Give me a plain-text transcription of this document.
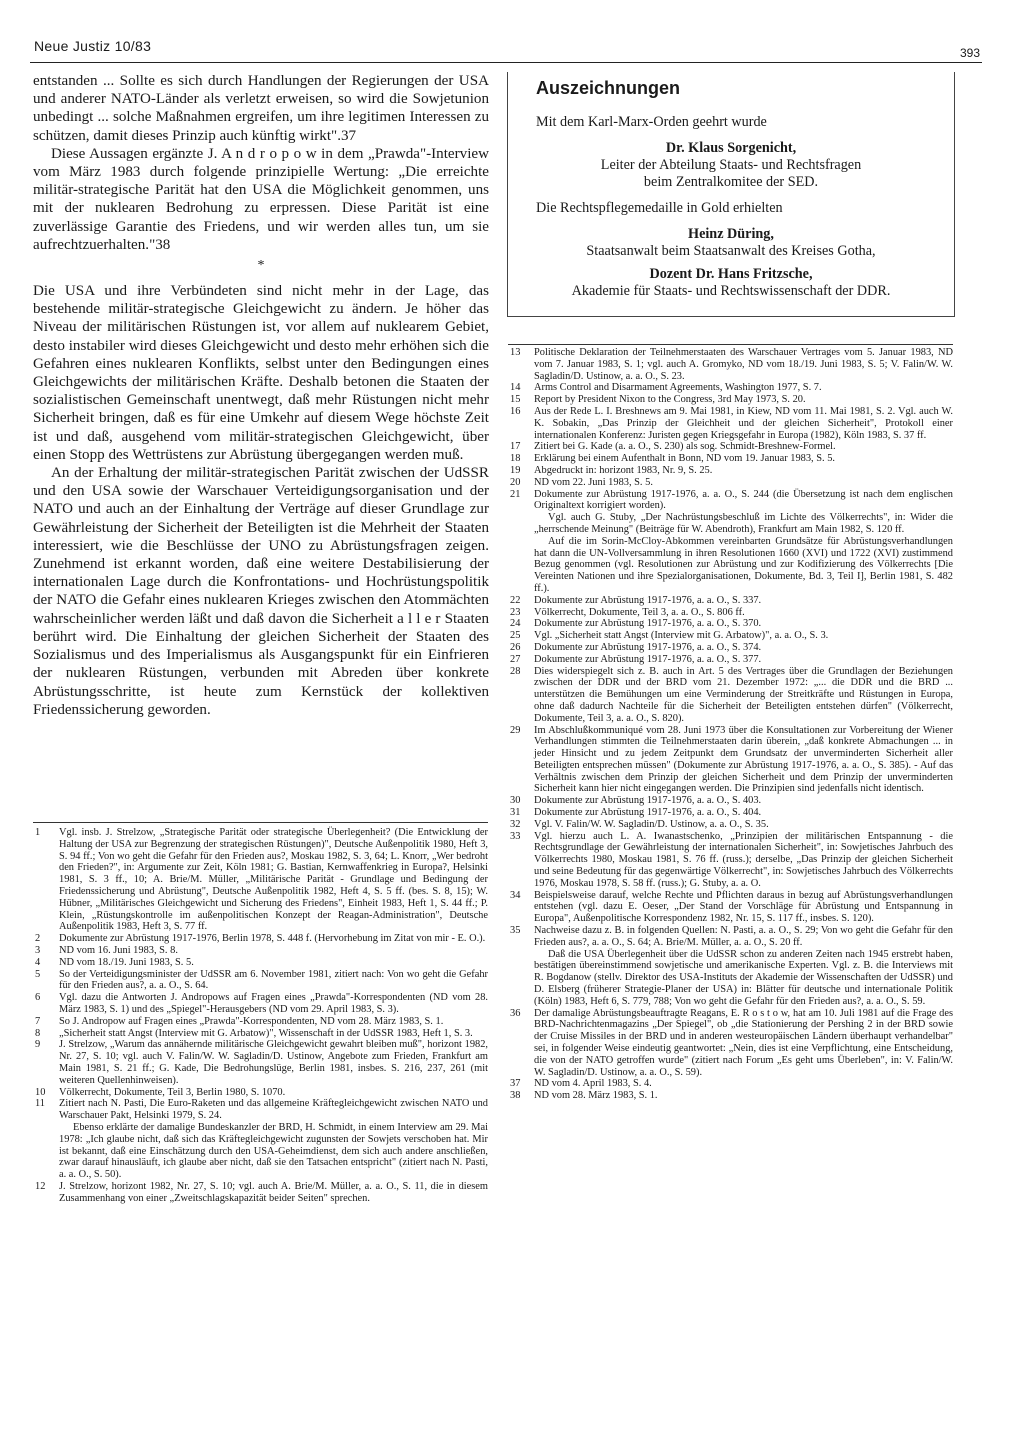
Neue Justiz 10/83	393

entstanden ... Sollte es sich durch Handlungen der Regierungen der USA und anderer NATO-Länder als verletzt erweisen, so wird die Sowjetunion unbedingt ... solche Maßnahmen ergreifen, um ihre legitimen Interessen zu schützen, damit dieses Prinzip auch künftig wirkt".37

Diese Aussagen ergänzte J. A n d r o p o w in dem „Prawda"-Interview vom März 1983 durch folgende prinzipielle Wertung: „Die erreichte militär-strategische Parität hat den USA die Möglichkeit genommen, uns mit der nuklearen Bedrohung zu erpressen. Diese Parität ist eine zuverlässige Garantie des Friedens, und wir werden alles tun, um sie aufrechtzuerhalten."38

*

Die USA und ihre Verbündeten sind nicht mehr in der Lage, das bestehende militär-strategische Gleichgewicht zu ändern. Je höher das Niveau der militärischen Rüstungen ist, vor allem auf nuklearem Gebiet, desto instabiler wird dieses Gleichgewicht und desto mehr erhöhen sich die Gefahren eines nuklearen Konflikts, selbst unter den Bedingungen eines Gleichgewichts der militärischen Kräfte. Deshalb betonen die Staaten der sozialistischen Gemeinschaft unentwegt, daß mehr Rüstungen nicht mehr Sicherheit bringen, daß es für eine Umkehr auf diesem Wege höchste Zeit ist und daß, ausgehend vom militär-strategischen Gleichgewicht, über einen Stopp des Wettrüstens zur Abrüstung übergegangen werden muß.

An der Erhaltung der militär-strategischen Parität zwischen der UdSSR und den USA sowie der Warschauer Verteidigungsorganisation und der NATO und auch an der Einhaltung der Verträge auf dieser Grundlage zur Gewährleistung der Sicherheit der Beteiligten ist die Mehrheit der Staaten interessiert, wie die Beschlüsse der UNO zu Abrüstungsfragen zeigen. Zunehmend ist erkannt worden, daß eine weitere Destabilisierung der internationalen Lage durch die Konfrontations- und Hochrüstungspolitik der NATO die Gefahr eines nuklearen Krieges zwischen den Atommächten wahrscheinlicher werden läßt und daß davon die Sicherheit a l l e r Staaten berührt wird. Die Einhaltung der gleichen Sicherheit der Staaten des Sozialismus und des Imperialismus als Ausgangspunkt für ein Einfrieren der nuklearen Rüstungen, verbunden mit Abreden über konkrete Abrüstungsschritte, ist heute zum Kernstück der kollektiven Friedenssicherung geworden.

1	Vgl. insb. J. Strelzow, „Strategische Parität oder strategische Überlegenheit? (Die Entwicklung der Haltung der USA zur Begrenzung der strategischen Rüstungen)", Deutsche Außenpolitik 1980, Heft 3, S. 94 ff.; Von wo geht die Gefahr für den Frieden aus?, Moskau 1982, S. 3, 64; L. Knorr, „Wer bedroht den Frieden?", in: Argumente zur Zeit, Köln 1981; G. Bastian, Kernwaffenkrieg in Europa?, Helsinki 1981, S. 3 ff., 10; A. Brie/M. Müller, „Militärische Parität - Grundlage und Bedingung der Friedenssicherung und Abrüstung", Deutsche Außenpolitik 1982, Heft 4, S. 5 ff. (bes. S. 8, 15); W. Hübner, „Militärisches Gleichgewicht und Sicherung des Friedens", Einheit 1983, Heft 1, S. 44 ff.; P. Klein, „Rüstungskontrolle im außenpolitischen Konzept der Reagan-Administration", Deutsche Außenpolitik 1983, Heft 3, S. 77 ff.
2	Dokumente zur Abrüstung 1917-1976, Berlin 1978, S. 448 f. (Hervorhebung im Zitat von mir - E. O.).
3	ND vom 16. Juni 1983, S. 8.
4	ND vom 18./19. Juni 1983, S. 5.
5	So der Verteidigungsminister der UdSSR am 6. November 1981, zitiert nach: Von wo geht die Gefahr für den Frieden aus?, a. a. O., S. 64.
6	Vgl. dazu die Antworten J. Andropows auf Fragen eines „Prawda"-Korrespondenten (ND vom 28. März 1983, S. 1) und des „Spiegel"-Herausgebers (ND vom 29. April 1983, S. 3).
7	So J. Andropow auf Fragen eines „Prawda"-Korrespondenten, ND vom 28. März 1983, S. 1.
8	„Sicherheit statt Angst (Interview mit G. Arbatow)", Wissenschaft in der UdSSR 1983, Heft 1, S. 3.
9	J. Strelzow, „Warum das annähernde militärische Gleichgewicht gewahrt bleiben muß", horizont 1982, Nr. 27, S. 10; vgl. auch V. Falin/W. W. Sagladin/D. Ustinow, Angebote zum Frieden, Frankfurt am Main 1981, S. 21 ff.; G. Kade, Die Bedrohungslüge, Berlin 1981, insbes. S. 216, 237, 261 (mit weiteren Quellenhinweisen).
10	Völkerrecht, Dokumente, Teil 3, Berlin 1980, S. 1070.
11	Zitiert nach N. Pasti, Die Euro-Raketen und das allgemeine Kräftegleichgewicht zwischen NATO und Warschauer Pakt, Helsinki 1979, S. 24.
Ebenso erklärte der damalige Bundeskanzler der BRD, H. Schmidt, in einem Interview am 29. Mai 1978: „Ich glaube nicht, daß sich das Kräftegleichgewicht zugunsten der Sowjets verschoben hat. Mir ist bekannt, daß eine Einschätzung durch den USA-Geheimdienst, dem sich auch andere anschließen, zwar darauf hinausläuft, ich glaube aber nicht, daß sie den Tatsachen entspricht" (zitiert nach N. Pasti, a. a. O., S. 50).
12	J. Strelzow, horizont 1982, Nr. 27, S. 10; vgl. auch A. Brie/M. Müller, a. a. O., S. 11, die in diesem Zusammenhang von einer „Zweitschlagskapazität beider Seiten" sprechen.
Auszeichnungen
Mit dem Karl-Marx-Orden geehrt wurde

Dr. Klaus Sorgenicht,

Leiter der Abteilung Staats- und Rechtsfragen

beim Zentralkomitee der SED.

Die Rechtspflegemedaille in Gold erhielten

Heinz Düring,

Staatsanwalt beim Staatsanwalt des Kreises Gotha,

Dozent Dr. Hans Fritzsche,

Akademie für Staats- und Rechtswissenschaft der DDR.

13	Politische Deklaration der Teilnehmerstaaten des Warschauer Vertrages vom 5. Januar 1983, ND vom 7. Januar 1983, S. 1; vgl. auch A. Gromyko, ND vom 18./19. Juni 1983, S. 5; V. Falin/W. W. Sagladin/D. Ustinow, a. a. O., S. 23.
14	Arms Control and Disarmament Agreements, Washington 1977, S. 7.
15	Report by President Nixon to the Congress, 3rd May 1973, S. 20.
16	Aus der Rede L. I. Breshnews am 9. Mai 1981, in Kiew, ND vom 11. Mai 1981, S. 2. Vgl. auch W. K. Sobakin, „Das Prinzip der Gleichheit und der gleichen Sicherheit", Protokoll einer internationalen Konferenz: Juristen gegen Kriegsgefahr in Europa (1982), Köln 1983, S. 37 ff.
17	Zitiert bei G. Kade (a. a. O., S. 230) als sog. Schmidt-Breshnew-Formel.
18	Erklärung bei einem Aufenthalt in Bonn, ND vom 19. Januar 1983, S. 5.
19	Abgedruckt in: horizont 1983, Nr. 9, S. 25.
20	ND vom 22. Juni 1983, S. 5.
21	Dokumente zur Abrüstung 1917-1976, a. a. O., S. 244 (die Übersetzung ist nach dem englischen Originaltext korrigiert worden).
Vgl. auch G. Stuby, „Der Nachrüstungsbeschluß im Lichte des Völkerrechts", in: Wider die „herrschende Meinung" (Beiträge für W. Abendroth), Frankfurt am Main 1982, S. 120 ff.
Auf die im Sorin-McCloy-Abkommen vereinbarten Grundsätze für Abrüstungsverhandlungen hat dann die UN-Vollversammlung in ihren Resolutionen 1660 (XVI) und 1722 (XVI) zustimmend Bezug genommen (vgl. Resolutionen zur Abrüstung und zur Kodifizierung des Völkerrechts [Die Vereinten Nationen und ihre Spezialorganisationen, Dokumente, Bd. 3, Teil I], Berlin 1981, S. 482 ff.).
22	Dokumente zur Abrüstung 1917-1976, a. a. O., S. 337.
23	Völkerrecht, Dokumente, Teil 3, a. a. O., S. 806 ff.
24	Dokumente zur Abrüstung 1917-1976, a. a. O., S. 370.
25	Vgl. „Sicherheit statt Angst (Interview mit G. Arbatow)", a. a. O., S. 3.
26	Dokumente zur Abrüstung 1917-1976, a. a. O., S. 374.
27	Dokumente zur Abrüstung 1917-1976, a. a. O., S. 377.
28	Dies widerspiegelt sich z. B. auch in Art. 5 des Vertrages über die Grundlagen der Beziehungen zwischen der DDR und der BRD vom 21. Dezember 1972: „... die DDR und die BRD ... unterstützen die Bemühungen um eine Verminderung der Streitkräfte und Rüstungen in Europa, ohne daß dadurch Nachteile für die Sicherheit der Beteiligten entstehen dürfen" (Völkerrecht, Dokumente, Teil 3, a. a. O., S. 820).
29	Im Abschlußkommuniqué vom 28. Juni 1973 über die Konsultationen zur Vorbereitung der Wiener Verhandlungen stimmten die Teilnehmerstaaten darin überein, „daß konkrete Abmachungen ... in jeder Hinsicht und zu jedem Zeitpunkt dem Grundsatz der unverminderten Sicherheit aller Beteiligten entsprechen müssen" (Dokumente zur Abrüstung 1917-1976, a. a. O., S. 385). - Auf das Verhältnis zwischen dem Prinzip der gleichen Sicherheit und dem Prinzip der unverminderten Sicherheit kann hier nicht eingegangen werden. Die Prinzipien sind jedenfalls nicht identisch.
30	Dokumente zur Abrüstung 1917-1976, a. a. O., S. 403.
31	Dokumente zur Abrüstung 1917-1976, a. a. O., S. 404.
32	Vgl. V. Falin/W. W. Sagladin/D. Ustinow, a. a. O., S. 35.
33	Vgl. hierzu auch L. A. Iwanastschenko, „Prinzipien der militärischen Entspannung - die Rechtsgrundlage der Gewährleistung der internationalen Sicherheit", in: Sowjetisches Jahrbuch des Völkerrechts 1980, Moskau 1981, S. 76 ff. (russ.); derselbe, „Das Prinzip der gleichen Sicherheit und seine Bedeutung für das gegenwärtige Völkerrecht", in: Sowjetisches Jahrbuch des Völkerrechts 1976, Moskau 1978, S. 58 ff. (russ.); G. Stuby, a. a. O.
34	Beispielsweise darauf, welche Rechte und Pflichten daraus in bezug auf Abrüstungsverhandlungen entstehen (vgl. dazu E. Oeser, „Der Stand der Vorschläge für Abrüstung und Entspannung in Europa", Außenpolitische Korrespondenz 1982, Nr. 15, S. 117 ff., insbes. S. 120).
35	Nachweise dazu z. B. in folgenden Quellen: N. Pasti, a. a. O., S. 29; Von wo geht die Gefahr für den Frieden aus?, a. a. O., S. 64; A. Brie/M. Müller, a. a. O., S. 20 ff.
Daß die USA Überlegenheit über die UdSSR schon zu anderen Zeiten nach 1945 erstrebt haben, bestätigen übereinstimmend sowjetische und amerikanische Experten. Vgl. z. B. die Interviews mit R. Bogdanow (stellv. Direktor des USA-Instituts der Akademie der Wissenschaften der UdSSR) und D. Elsberg (früherer Strategie-Planer der USA) in: Blätter für deutsche und internationale Politik (Köln) 1983, Heft 6, S. 779, 788; Von wo geht die Gefahr für den Frieden aus?, a. a. O., S. 59.
36	Der damalige Abrüstungsbeauftragte Reagans, E. R o s t o w, hat am 10. Juli 1981 auf die Frage des BRD-Nachrichtenmagazins „Der Spiegel", ob „die Stationierung der Pershing 2 in der BRD sowie der Cruise Missiles in der BRD und in anderen westeuropäischen Ländern überhaupt verhandelbar" sei, in folgender Weise eindeutig geantwortet: „Nein, dies ist eine Verpflichtung, eine Entscheidung, die von der NATO getroffen wurde" (zitiert nach Forum „Es geht ums Überleben", in: V. Falin/W. W. Sagladin/D. Ustinow, a. a. O., S. 59).
37	ND vom 4. April 1983, S. 4.
38	ND vom 28. März 1983, S. 1.
